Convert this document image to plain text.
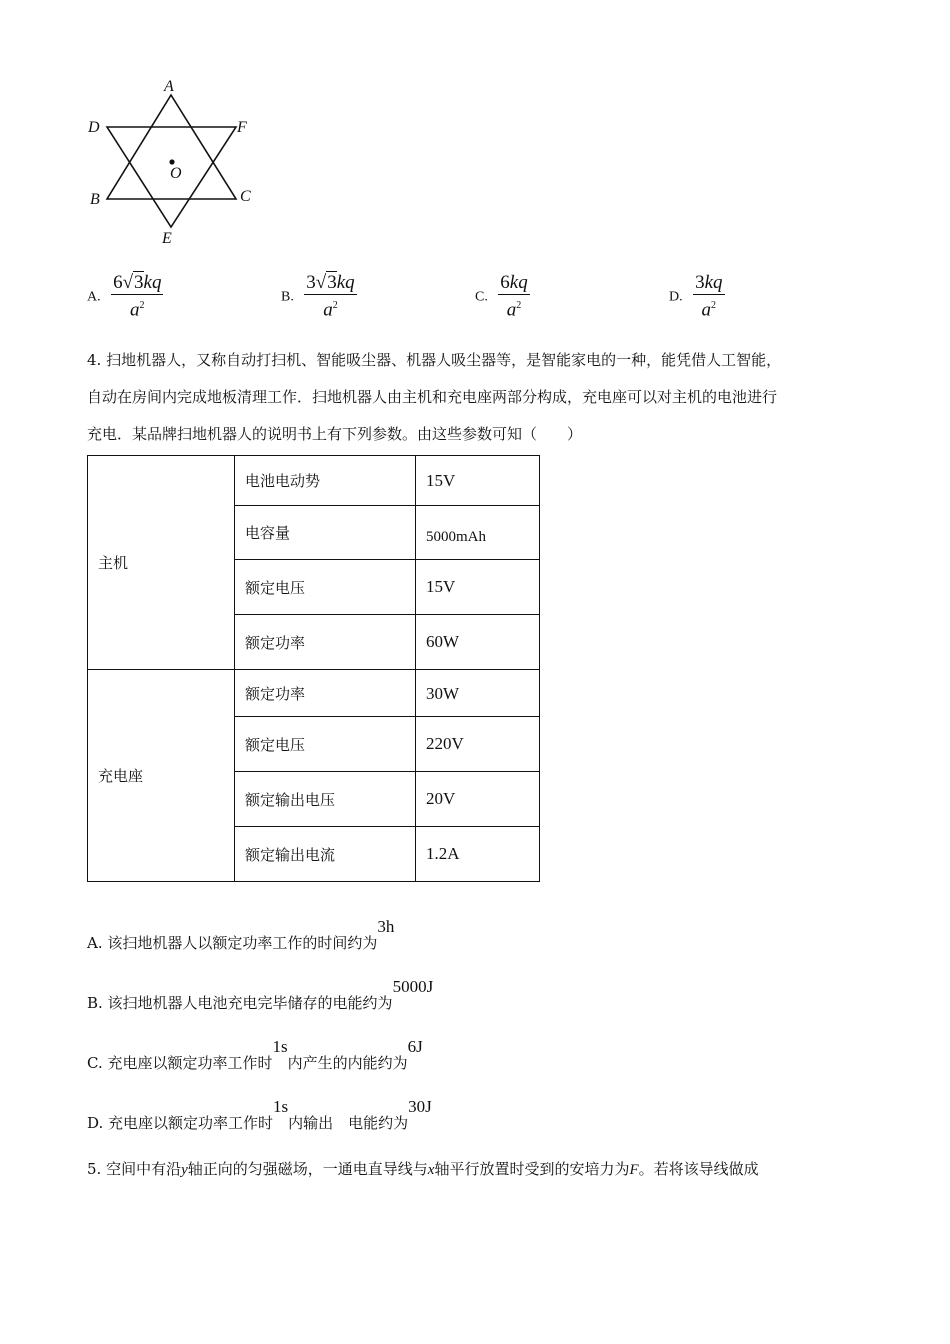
A
D	F
O
B	C
E
A. $\frac{6√3kq}{a^2}$	B. $\frac{3√3kq}{a^2}$	C. $\frac{6kq}{a^2}$	D. $\frac{3kq}{a^2}$
4. 扫地机器人，又称自动打扫机、智能吸尘器、机器人吸尘器等，是智能家电的一种，能凭借人工智能，
自动在房间内完成地板清理工作．扫地机器人由主机和充电座两部分构成，充电座可以对主机的电池进行
充电．某品牌扫地机器人的说明书上有下列参数。由这些参数可知（　　）
主机	电池电动势	15V
	电容量	5000mAh
	额定电压	15V
	额定功率	60W
充电座	额定功率	30W
	额定电压	220V
	额定输出电压	20V
	额定输出电流	1.2A
A. 该扫地机器人以额定功率工作的时间约为3h
B. 该扫地机器人电池充电完毕储存的电能约为5000J
C. 充电座以额定功率工作时1s内产生的内能约为6J
D. 充电座以额定功率工作时1s内输出　电能约为30J
5. 空间中有沿y轴正向的匀强磁场，一通电直导线与x轴平行放置时受到的安培力为F。若将该导线做成
